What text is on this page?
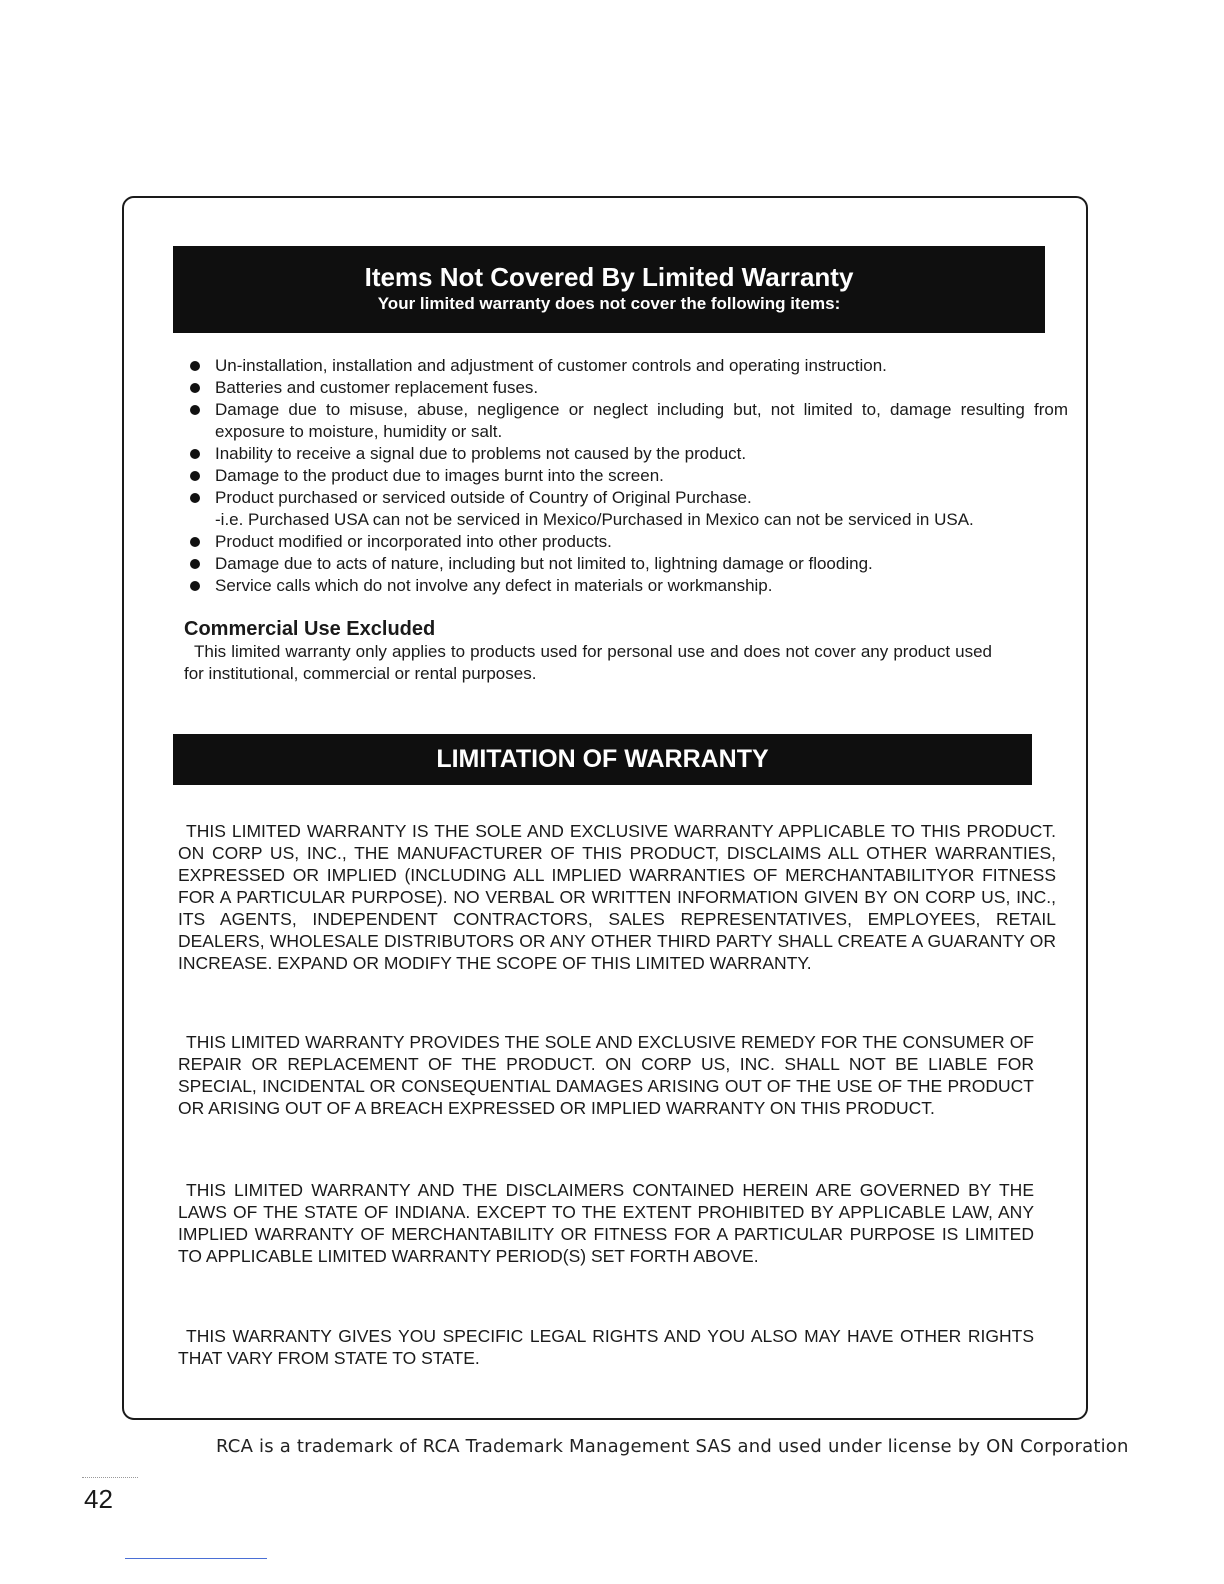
Items Not Covered By Limited Warranty
Your limited warranty does not cover the following items:
Un-installation, installation and adjustment of customer controls and operating instruction.
Batteries and customer replacement fuses.
Damage due to misuse, abuse, negligence or neglect including but, not limited to, damage resulting from exposure to moisture, humidity or salt.
Inability to receive a signal due to problems not caused by the product.
Damage to the product due to images burnt into the screen.
Product purchased or serviced outside of Country of Original Purchase.
-i.e. Purchased USA can not be serviced in Mexico/Purchased in Mexico can not be serviced in USA.
Product modified or incorporated into other products.
Damage due to acts of nature, including but not limited to, lightning damage or flooding.
Service calls which do not involve any defect in materials or workmanship.
Commercial Use Excluded
This limited warranty only applies to products used for personal use and does not cover any product used for institutional, commercial or rental purposes.
LIMITATION OF WARRANTY
THIS LIMITED WARRANTY IS THE SOLE AND EXCLUSIVE WARRANTY APPLICABLE TO THIS PRODUCT. ON CORP US, INC., THE MANUFACTURER OF THIS PRODUCT, DISCLAIMS ALL OTHER WARRANTIES, EXPRESSED OR IMPLIED (INCLUDING ALL IMPLIED WARRANTIES OF MERCHANTABILITYOR FITNESS FOR A PARTICULAR PURPOSE). NO VERBAL OR WRITTEN INFORMATION GIVEN BY ON CORP US, INC., ITS AGENTS, INDEPENDENT CONTRACTORS, SALES REPRESENTATIVES, EMPLOYEES, RETAIL DEALERS, WHOLESALE DISTRIBUTORS OR ANY OTHER THIRD PARTY SHALL CREATE A GUARANTY OR INCREASE. EXPAND OR MODIFY THE SCOPE OF THIS LIMITED WARRANTY.
THIS LIMITED WARRANTY PROVIDES THE SOLE AND EXCLUSIVE REMEDY FOR THE CONSUMER OF REPAIR OR REPLACEMENT OF THE PRODUCT. ON CORP US, INC. SHALL NOT BE LIABLE FOR SPECIAL, INCIDENTAL OR CONSEQUENTIAL DAMAGES ARISING OUT OF THE USE OF THE PRODUCT OR ARISING OUT OF A BREACH EXPRESSED OR IMPLIED WARRANTY ON THIS PRODUCT.
THIS LIMITED WARRANTY AND THE DISCLAIMERS CONTAINED HEREIN ARE GOVERNED BY THE LAWS OF THE STATE OF INDIANA. EXCEPT TO THE EXTENT PROHIBITED BY APPLICABLE LAW, ANY IMPLIED WARRANTY OF MERCHANTABILITY OR FITNESS FOR A PARTICULAR PURPOSE IS LIMITED TO APPLICABLE LIMITED WARRANTY PERIOD(S) SET FORTH ABOVE.
THIS WARRANTY GIVES YOU SPECIFIC LEGAL RIGHTS AND YOU ALSO MAY HAVE OTHER RIGHTS THAT VARY FROM STATE TO STATE.
RCA is a trademark of RCA Trademark Management SAS and used under license by ON Corporation
42
